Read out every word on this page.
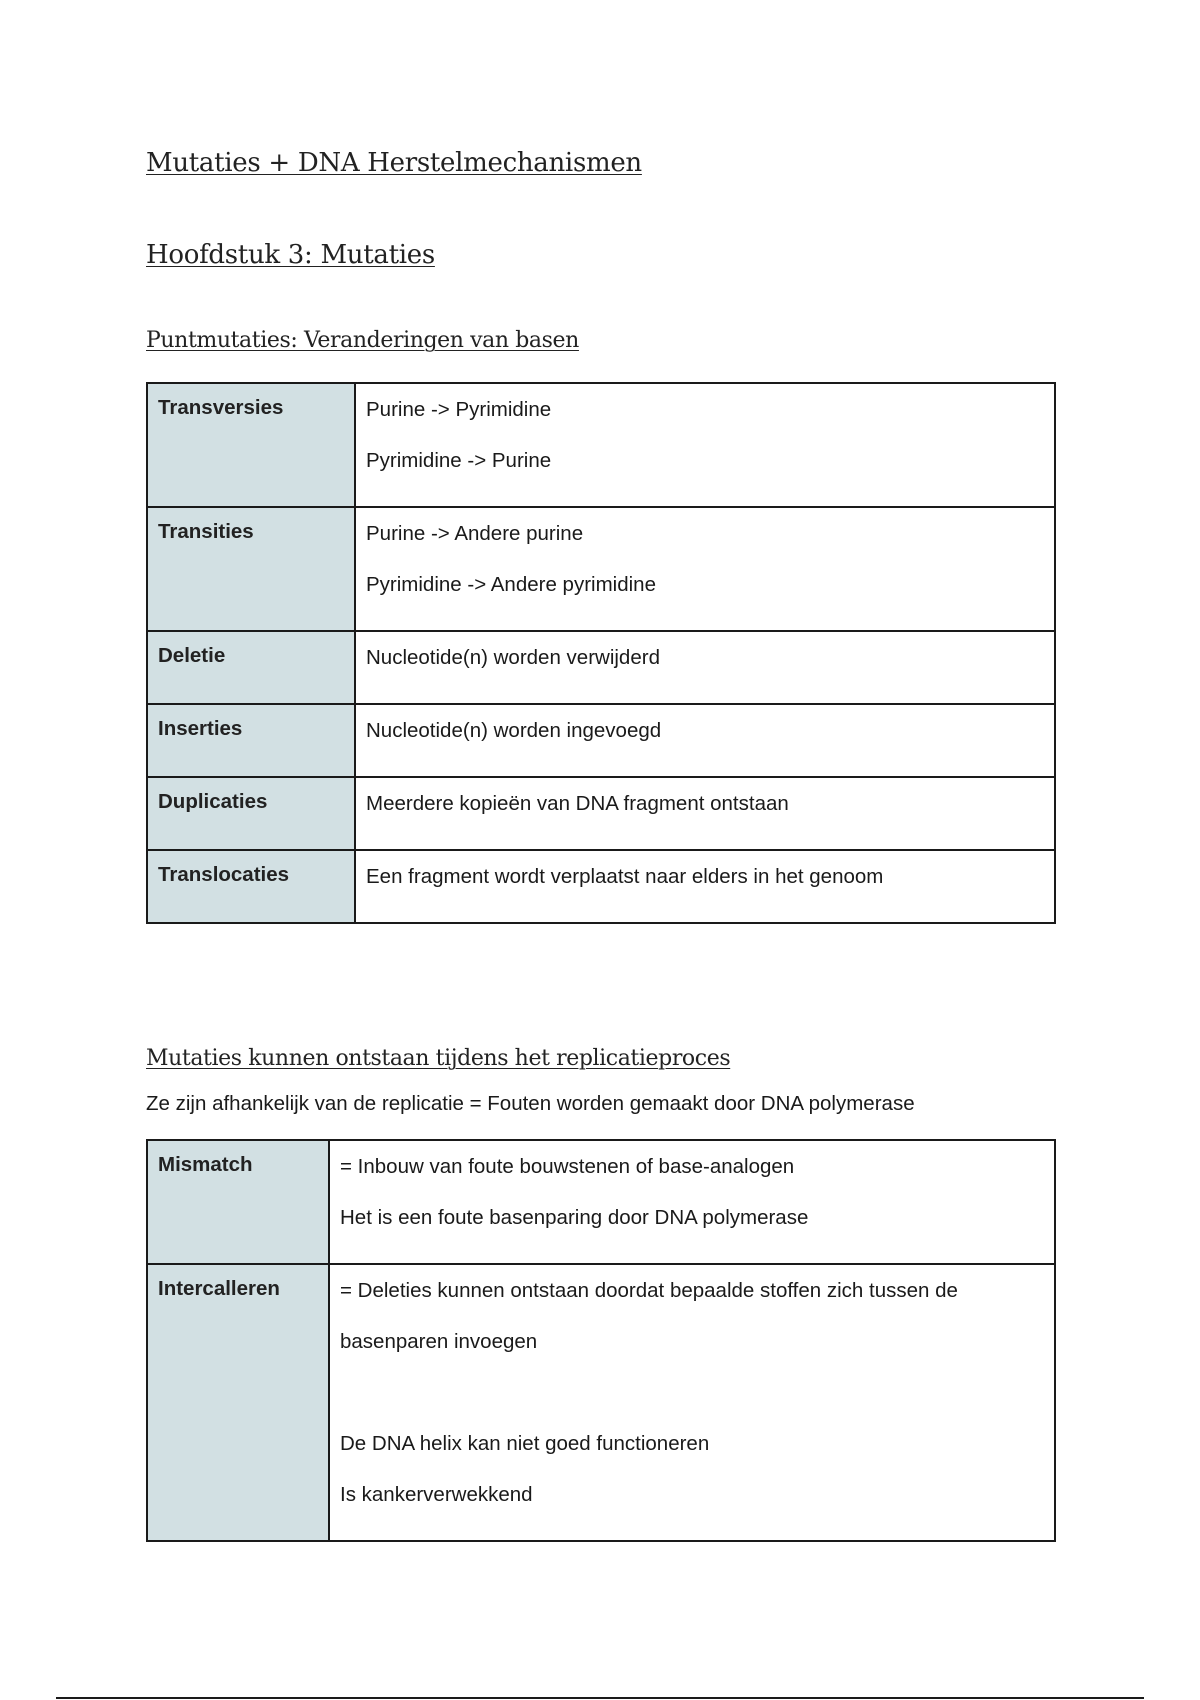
Mutaties + DNA Herstelmechanismen
Hoofdstuk 3: Mutaties
Puntmutaties: Veranderingen van basen
Transversies	Purine -> Pyrimidine
Pyrimidine -> Purine

Transities	Purine -> Andere purine
Pyrimidine -> Andere pyrimidine

Deletie	Nucleotide(n) worden verwijderd

Inserties	Nucleotide(n) worden ingevoegd

Duplicaties	Meerdere kopieën van DNA fragment ontstaan

Translocaties	Een fragment wordt verplaatst naar elders in het genoom
Mutaties kunnen ontstaan tijdens het replicatieproces

Ze zijn afhankelijk van de replicatie = Fouten worden gemaakt door DNA polymerase

Mismatch	= Inbouw van foute bouwstenen of base-analogen
Het is een foute basenparing door DNA polymerase

Intercalleren	= Deleties kunnen ontstaan doordat bepaalde stoffen zich tussen de
basenparen invoegen
De DNA helix kan niet goed functioneren
Is kankerverwekkend
